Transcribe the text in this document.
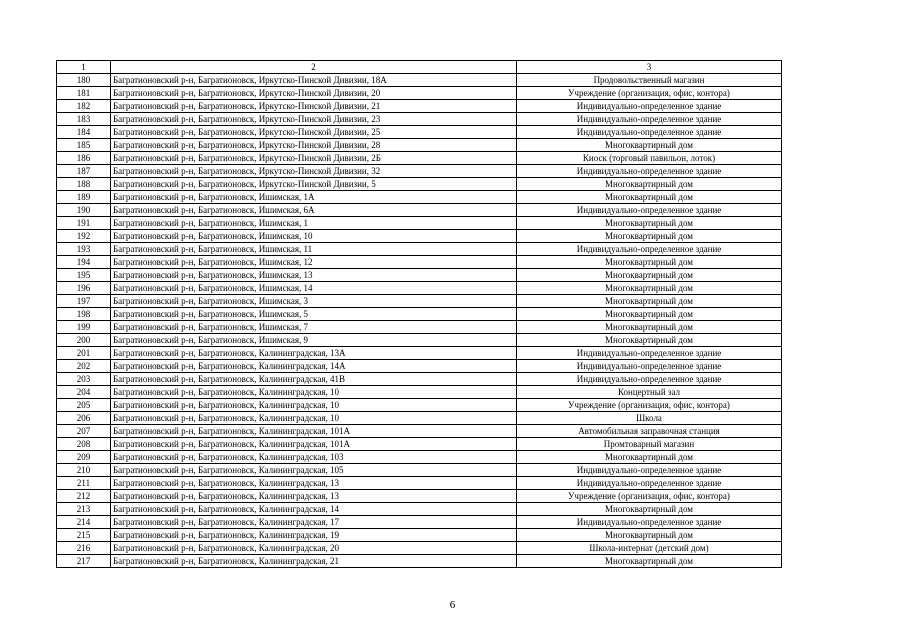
1	2	3
180	Багратионовский р-н, Багратионовск, Иркутско-Пинской Дивизии, 18А	Продовольственный магазин
181	Багратионовский р-н, Багратионовск, Иркутско-Пинской Дивизии, 20	Учреждение (организация, офис, контора)
182	Багратионовский р-н, Багратионовск, Иркутско-Пинской Дивизии, 21	Индивидуально-определенное здание
183	Багратионовский р-н, Багратионовск, Иркутско-Пинской Дивизии, 23	Индивидуально-определенное здание
184	Багратионовский р-н, Багратионовск, Иркутско-Пинской Дивизии, 25	Индивидуально-определенное здание
185	Багратионовский р-н, Багратионовск, Иркутско-Пинской Дивизии, 28	Многоквартирный дом
186	Багратионовский р-н, Багратионовск, Иркутско-Пинской Дивизии, 2Б	Киоск (торговый павильон, лоток)
187	Багратионовский р-н, Багратионовск, Иркутско-Пинской Дивизии, 32	Индивидуально-определенное здание
188	Багратионовский р-н, Багратионовск, Иркутско-Пинской Дивизии, 5	Многоквартирный дом
189	Багратионовский р-н, Багратионовск, Ишимская, 1А	Многоквартирный дом
190	Багратионовский р-н, Багратионовск, Ишимская, 6А	Индивидуально-определенное здание
191	Багратионовский р-н, Багратионовск, Ишимская, 1	Многоквартирный дом
192	Багратионовский р-н, Багратионовск, Ишимская, 10	Многоквартирный дом
193	Багратионовский р-н, Багратионовск, Ишимская, 11	Индивидуально-определенное здание
194	Багратионовский р-н, Багратионовск, Ишимская, 12	Многоквартирный дом
195	Багратионовский р-н, Багратионовск, Ишимская, 13	Многоквартирный дом
196	Багратионовский р-н, Багратионовск, Ишимская, 14	Многоквартирный дом
197	Багратионовский р-н, Багратионовск, Ишимская, 3	Многоквартирный дом
198	Багратионовский р-н, Багратионовск, Ишимская, 5	Многоквартирный дом
199	Багратионовский р-н, Багратионовск, Ишимская, 7	Многоквартирный дом
200	Багратионовский р-н, Багратионовск, Ишимская, 9	Многоквартирный дом
201	Багратионовский р-н, Багратионовск, Калининградская, 13А	Индивидуально-определенное здание
202	Багратионовский р-н, Багратионовск, Калининградская, 14А	Индивидуально-определенное здание
203	Багратионовский р-н, Багратионовск, Калининградская, 41В	Индивидуально-определенное здание
204	Багратионовский р-н, Багратионовск, Калининградская, 10	Концертный зал
205	Багратионовский р-н, Багратионовск, Калининградская, 10	Учреждение (организация, офис, контора)
206	Багратионовский р-н, Багратионовск, Калининградская, 10	Школа
207	Багратионовский р-н, Багратионовск, Калининградская, 101А	Автомобильная заправочная станция
208	Багратионовский р-н, Багратионовск, Калининградская, 101А	Промтоварный магазин
209	Багратионовский р-н, Багратионовск, Калининградская, 103	Многоквартирный дом
210	Багратионовский р-н, Багратионовск, Калининградская, 105	Индивидуально-определенное здание
211	Багратионовский р-н, Багратионовск, Калининградская, 13	Индивидуально-определенное здание
212	Багратионовский р-н, Багратионовск, Калининградская, 13	Учреждение (организация, офис, контора)
213	Багратионовский р-н, Багратионовск, Калининградская, 14	Многоквартирный дом
214	Багратионовский р-н, Багратионовск, Калининградская, 17	Индивидуально-определенное здание
215	Багратионовский р-н, Багратионовск, Калининградская, 19	Многоквартирный дом
216	Багратионовский р-н, Багратионовск, Калининградская, 20	Школа-интернат (детский дом)
217	Багратионовский р-н, Багратионовск, Калининградская, 21	Многоквартирный дом
6
